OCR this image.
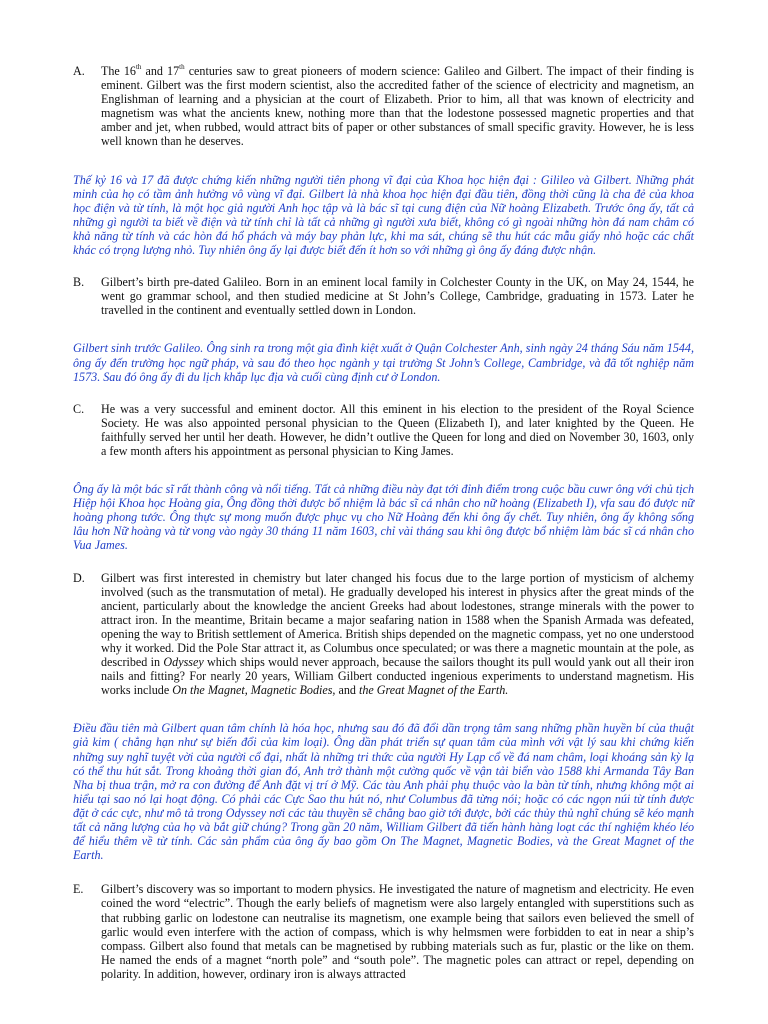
A.	The 16th and 17th centuries saw to great pioneers of modern science: Galileo and Gilbert. The impact of their finding is eminent. Gilbert was the first modern scientist, also the accredited father of the science of electricity and magnetism, an Englishman of learning and a physician at the court of Elizabeth. Prior to him, all that was known of electricity and magnetism was what the ancients knew, nothing more than that the lodestone possessed magnetic properties and that amber and jet, when rubbed, would attract bits of paper or other substances of small specific gravity. However, he is less well known than he deserves.
Thế kỷ 16 và 17 đã được chứng kiến những người tiên phong vĩ đại của Khoa học hiện đại : Gilileo và Gilbert. Những phát minh của họ có tầm ảnh hưởng vô vùng vĩ đại. Gilbert là nhà khoa học hiện đại đầu tiên, đồng thời cũng là cha đẻ của khoa học điện và từ tính, là một học giả người Anh học tập và là bác sĩ tại cung điện của Nữ hoàng Elizabeth. Trước ông ấy, tất cả những gì người ta biết về điện và từ tính chỉ là tất cả những gì người xưa biết, không có gì ngoài những hòn đá nam châm có khả năng từ tính và các hòn đá hổ phách và máy bay phản lực, khi ma sát, chúng sẽ thu hút các mẫu giấy nhỏ hoặc các chất khác có trọng lượng nhỏ. Tuy nhiên ông ấy lại được biết đến ít hơn so với những gì ông ấy đáng được nhận.
B.	Gilbert’s birth pre-dated Galileo. Born in an eminent local family in Colchester County in the UK, on May 24, 1544, he went go grammar school, and then studied medicine at St John’s College, Cambridge, graduating in 1573. Later he travelled in the continent and eventually settled down in London.
Gilbert sinh trước Galileo. Ông sinh ra trong một gia đình kiệt xuất ở Quận Colchester Anh, sinh ngày 24 tháng Sáu năm 1544, ông ấy đến trường học ngữ pháp, và sau đó theo học ngành y tại trường St John’s College, Cambridge, và đã tốt nghiệp năm 1573. Sau đó ông ấy đi du lịch khắp lục địa và cuối cùng định cư ở London.
C.	He was a very successful and eminent doctor. All this eminent in his election to the president of the Royal Science Society. He was also appointed personal physician to the Queen (Elizabeth I), and later knighted by the Queen. He faithfully served her until her death. However, he didn’t outlive the Queen for long and died on November 30, 1603, only a few month afters his appointment as personal physician to King James.
Ông ấy là một bác sĩ rất thành công và nổi tiếng. Tất cả những điều này đạt tới đỉnh điểm trong cuộc bầu cuwr ông với chủ tịch Hiệp hội Khoa học Hoàng gia, Ông đồng thời được bổ nhiệm là bác sĩ cá nhân cho nữ hoàng (Elizabeth I), vfa sau đó được nữ hoàng phong tước. Ông thực sự mong muốn được phục vụ cho Nữ Hoàng đến khi ông ấy chết. Tuy nhiên, ông ấy không sống lâu hơn Nữ hoàng và từ vong vào ngày 30 tháng 11 năm 1603, chỉ vài tháng sau khi ông được bổ nhiệm làm bác sĩ cá nhân cho Vua James.
D.	Gilbert was first interested in chemistry but later changed his focus due to the large portion of mysticism of alchemy involved (such as the transmutation of metal). He gradually developed his interest in physics after the great minds of the ancient, particularly about the knowledge the ancient Greeks had about lodestones, strange minerals with the power to attract iron. In the meantime, Britain became a major seafaring nation in 1588 when the Spanish Armada was defeated, opening the way to British settlement of America. British ships depended on the magnetic compass, yet no one understood why it worked. Did the Pole Star attract it, as Columbus once speculated; or was there a magnetic mountain at the pole, as described in Odyssey which ships would never approach, because the sailors thought its pull would yank out all their iron nails and fitting? For nearly 20 years, William Gilbert conducted ingenious experiments to understand magnetism. His works include On the Magnet, Magnetic Bodies, and the Great Magnet of the Earth.
Điều đầu tiên mà Gilbert quan tâm chính là hóa học, nhưng sau đó đã đổi dần trọng tâm sang những phần huyền bí của thuật giả kim ( chẳng hạn như sự biến đổi của kim loại). Ông dần phát triển sự quan tâm của mình với vật lý sau khi chứng kiến những suy nghĩ tuyệt vời của người cổ đại, nhất là những tri thức của người Hy Lạp cổ về đá nam châm, loại khoáng sản kỳ lạ có thể thu hút sắt. Trong khoảng thời gian đó, Anh trở thành một cường quốc về vận tải biển vào 1588 khi Armanda Tây Ban Nha bị thua trận, mở ra con đường để Anh đặt vị trí ở Mỹ. Các tàu Anh phải phụ thuộc vào la bàn từ tính, nhưng không một ai hiểu tại sao nó lại hoạt động. Có phải các Cực Sao thu hút nó, như Columbus đã từng nói; hoặc có các ngọn núi từ tính được đặt ở các cực, như mô tả trong Odyssey nơi các tàu thuyền sẽ chẳng bao giờ tới được, bởi các thủy thủ nghĩ chúng sẽ kéo mạnh tất cả năng lượng của họ và bắt giữ chúng? Trong gần 20 năm, William Gilbert đã tiến hành hàng loạt các thí nghiệm khéo léo để hiểu thêm về từ tính. Các sản phẩm của ông ấy bao gồm On The Magnet, Magnetic Bodies, và the Great Magnet of the Earth.
E.	Gilbert’s discovery was so important to modern physics. He investigated the nature of magnetism and electricity. He even coined the word “electric”. Though the early beliefs of magnetism were also largely entangled with superstitions such as that rubbing garlic on lodestone can neutralise its magnetism, one example being that sailors even believed the smell of garlic would even interfere with the action of compass, which is why helmsmen were forbidden to eat in near a ship’s compass. Gilbert also found that metals can be magnetised by rubbing materials such as fur, plastic or the like on them. He named the ends of a magnet “north pole” and “south pole”. The magnetic poles can attract or repel, depending on polarity. In addition, however, ordinary iron is always attracted
